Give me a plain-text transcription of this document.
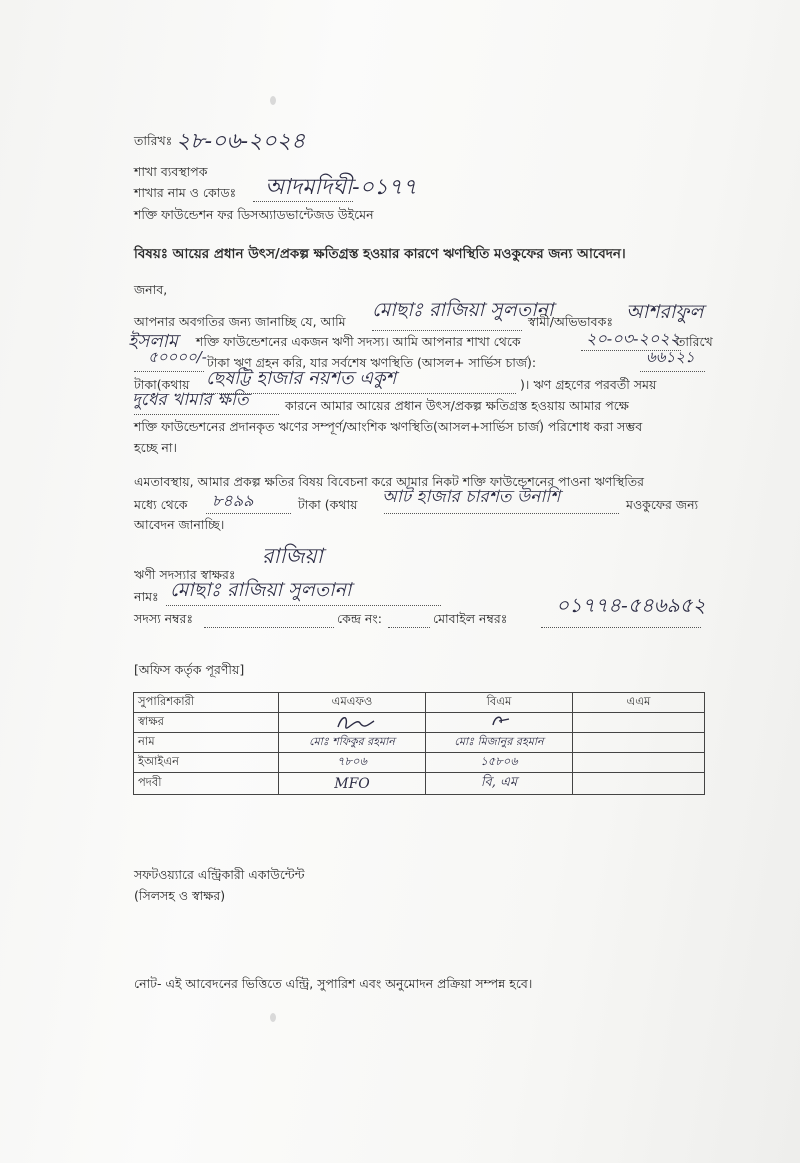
তারিখঃ ২৮-০৬-২০২৪
শাখা ব্যবস্থাপক
শাখার নাম ও কোডঃ
আদমদিঘী-০১৭৭
শক্তি ফাউন্ডেশন ফর ডিসঅ্যাডভান্টেজড উইমেন
বিষয়ঃ আয়ের প্রধান উৎস/প্রকল্প ক্ষতিগ্রস্ত হওয়ার কারণে ঋণস্থিতি মওকুফের জন্য আবেদন।
জনাব,
আপনার অবগতির জন্য জানাচ্ছি যে, আমি

মোছাঃ রাজিয়া সুলতানা
স্বামী/অভিভাবকঃ আশরাফুল
ইসলাম শক্তি ফাউন্ডেশনের একজন ঋণী সদস্য। আমি আপনার শাখা থেকে
	২০-০৩-২০২২
তারিখে

৫০০০০/- টাকা ঋণ গ্রহন করি, যার সর্বশেষ ঋণস্থিতি (আসল+ সার্ভিস চার্জ):
	৬৬১২১
টাকা(কথায়
ছেষট্টি হাজার নয়শত একুশ	)। ঋণ গ্রহণের পরবর্তী সময়

দুধের খামার ক্ষতি	কারনে আমার আয়ের প্রধান উৎস/প্রকল্প ক্ষতিগ্রস্ত হওয়ায় আমার পক্ষে
শক্তি ফাউন্ডেশনের প্রদানকৃত ঋণের সম্পূর্ণ/আংশিক ঋণস্থিতি(আসল+সার্ভিস চার্জ) পরিশোধ করা সম্ভব
হচ্ছে না।
এমতাবস্থায়, আমার প্রকল্প ক্ষতির বিষয় বিবেচনা করে আমার নিকট শক্তি ফাউন্ডেশনের পাওনা ঋণস্থিতির
মধ্যে থেকে
৮৪৯৯	টাকা (কথায়
আট হাজার চারশত উনাশি	মওকুফের জন্য
আবেদন জানাচ্ছি।
রাজিয়া
ঋণী সদস্যার স্বাক্ষরঃ
নামঃ
মোছাঃ রাজিয়া সুলতানা
সদস্য নম্বরঃ
	কেন্দ্র নং:
	মোবাইল নম্বরঃ

০১৭৭৪-৫৪৬৯৫২
[অফিস কর্তৃক পূরণীয়]
সুপারিশকারী	এমএফও	বিএম	এএম
স্বাক্ষর			
নাম	মোঃ শফিকুর রহমান	মোঃ মিজানুর রহমান	
ইআইএন	৭৮০৬	১৫৮০৬	
পদবী	MFO	বি, এম	
সফটওয়্যারে এন্ট্রিকারী একাউন্টেন্ট
(সিলসহ ও স্বাক্ষর)
নোট- এই আবেদনের ভিত্তিতে এন্ট্রি, সুপারিশ এবং অনুমোদন প্রক্রিয়া সম্পন্ন হবে।
